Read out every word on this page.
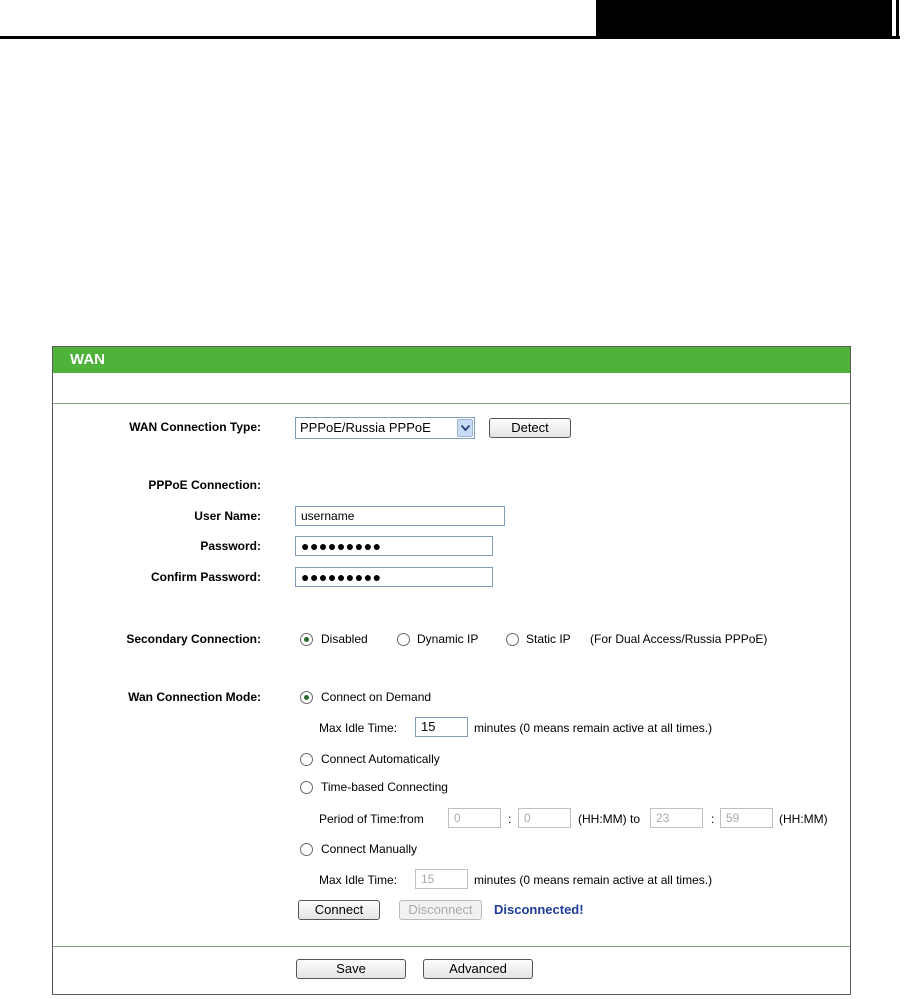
WAN
WAN Connection Type:	PPPoE/Russia PPPoE	Detect
PPPoE Connection:
User Name:	username
Password:	●●●●●●●●●
Confirm Password:	●●●●●●●●●
Secondary Connection:	Disabled	Dynamic IP	Static IP (For Dual Access/Russia PPPoE)
Wan Connection Mode:	Connect on Demand
Max Idle Time:	15	minutes (0 means remain active at all times.)
Connect Automatically
Time-based Connecting
Period of Time:from	0	:	0	(HH:MM) to	23	: 59	(HH:MM)
Connect Manually
Max Idle Time:	15	minutes (0 means remain active at all times.)
Connect	Disconnect	Disconnected!
Save	Advanced
